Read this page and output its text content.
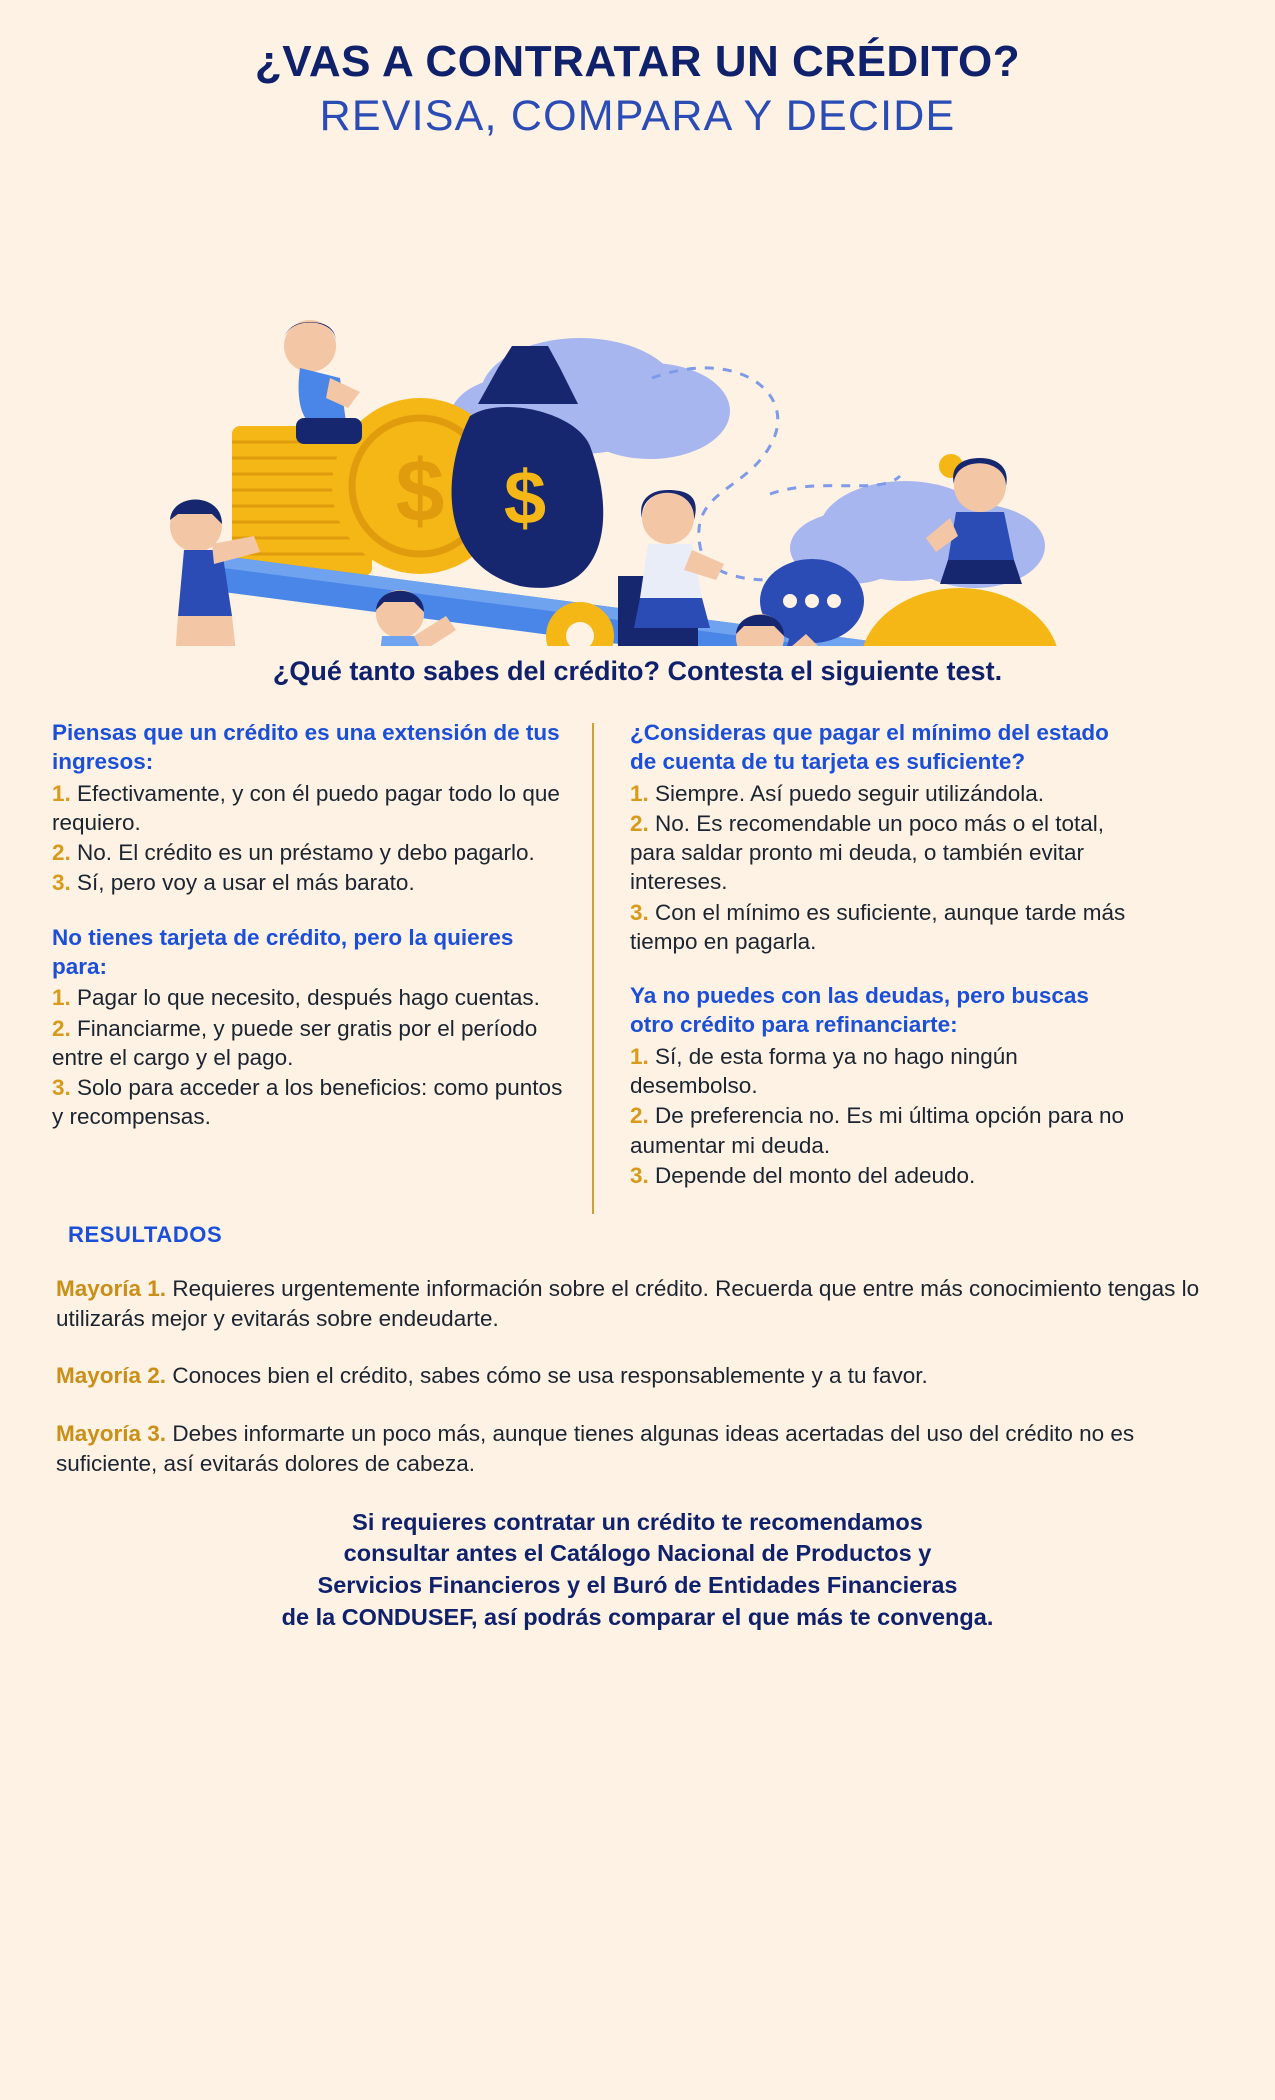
¿VAS A CONTRATAR UN CRÉDITO?
REVISA, COMPARA Y DECIDE
$ $
¿Qué tanto sabes del crédito? Contesta el siguiente test.
Piensas que un crédito es una extensión de tus ingresos:
1. Efectivamente, y con él puedo pagar todo lo que requiero.
2. No. El crédito es un préstamo y debo pagarlo.
3. Sí, pero voy a usar el más barato.
No tienes tarjeta de crédito, pero la quieres para:
1. Pagar lo que necesito, después hago cuentas.
2. Financiarme, y puede ser gratis por el período entre el cargo y el pago.
3. Solo para acceder a los beneficios: como puntos y recompensas.
¿Consideras que pagar el mínimo del estado de cuenta de tu tarjeta es suficiente?
1. Siempre. Así puedo seguir utilizándola.
2. No. Es recomendable un poco más o el total, para saldar pronto mi deuda, o también evitar intereses.
3. Con el mínimo es suficiente, aunque tarde más tiempo en pagarla.
Ya no puedes con las deudas, pero buscas otro crédito para refinanciarte:
1. Sí, de esta forma ya no hago ningún desembolso.
2. De preferencia no. Es mi última opción para no aumentar mi deuda.
3. Depende del monto del adeudo.
RESULTADOS
Mayoría 1. Requieres urgentemente información sobre el crédito. Recuerda que entre más conocimiento tengas lo utilizarás mejor y evitarás sobre endeudarte.
Mayoría 2. Conoces bien el crédito, sabes cómo se usa responsablemente y a tu favor.
Mayoría 3. Debes informarte un poco más, aunque tienes algunas ideas acertadas del uso del crédito no es suficiente, así evitarás dolores de cabeza.
Si requieres contratar un crédito te recomendamos
consultar antes el Catálogo Nacional de Productos y
Servicios Financieros y el Buró de Entidades Financieras
de la CONDUSEF, así podrás comparar el que más te convenga.
